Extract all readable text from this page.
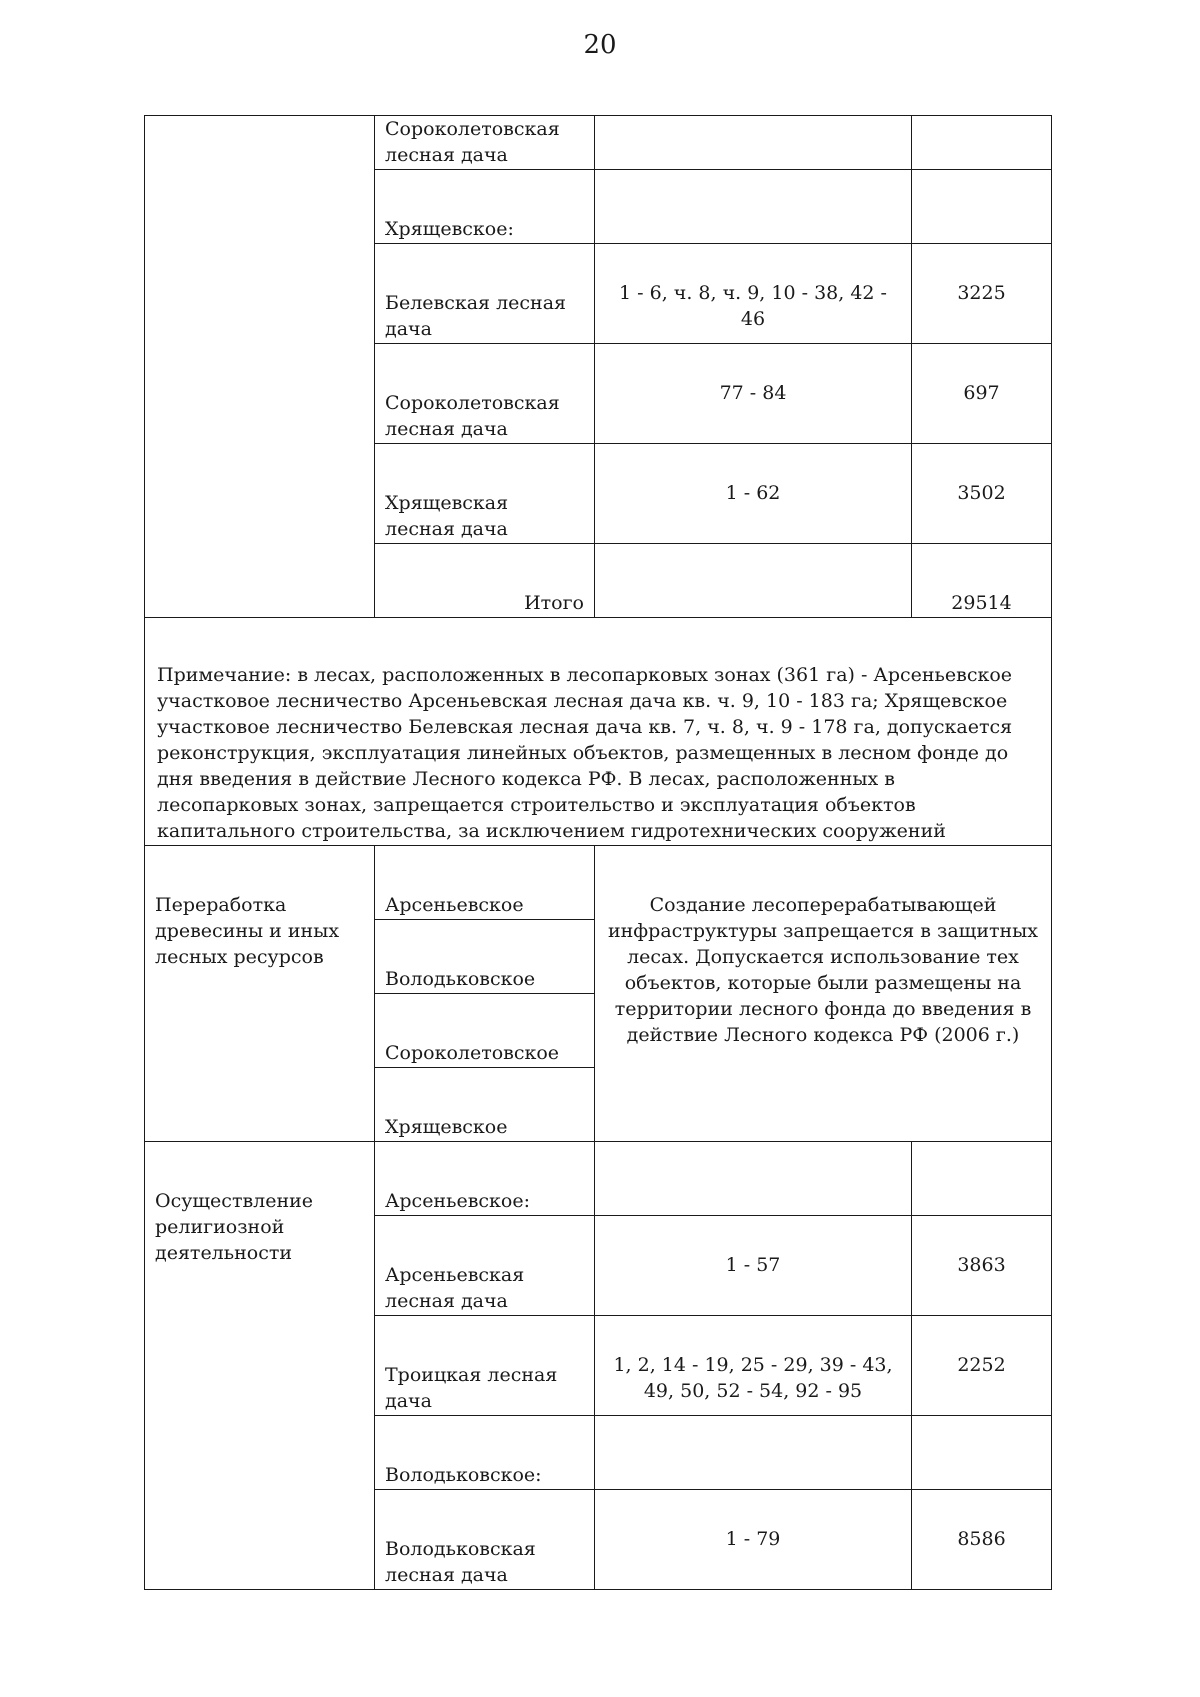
20
	Сороколетовская лесная дача		
	Хрящевское:		
	Белевская лесная дача	1 - 6, ч. 8, ч. 9, 10 - 38, 42 - 46	3225
	Сороколетовская лесная дача	77 - 84	697
	Хрящевская лесная дача	1 - 62	3502
	Итого		29514
Примечание: в лесах, расположенных в лесопарковых зонах (361 га) - Арсеньевское участковое лесничество Арсеньевская лесная дача кв. ч. 9, 10 - 183 га; Хрящевское участковое лесничество Белевская лесная дача кв. 7, ч. 8, ч. 9 - 178 га, допускается реконструкция, эксплуатация линейных объектов, размещенных в лесном фонде до дня введения в действие Лесного кодекса РФ. В лесах, расположенных в лесопарковых зонах, запрещается строительство и эксплуатация объектов капитального строительства, за исключением гидротехнических сооружений			
Переработка древесины и иных лесных ресурсов	Арсеньевское	Создание лесоперерабатывающей инфраструктуры запрещается в защитных лесах. Допускается использование тех объектов, которые были размещены на территории лесного фонда до введения в действие Лесного кодекса РФ (2006 г.)	
	Володьковское		
	Сороколетовское		
	Хрящевское		
Осуществление религиозной деятельности	Арсеньевское:		
	Арсеньевская лесная дача	1 - 57	3863
	Троицкая лесная дача	1, 2, 14 - 19, 25 - 29, 39 - 43, 49, 50, 52 - 54, 92 - 95	2252
	Володьковское:		
	Володьковская лесная дача	1 - 79	8586
